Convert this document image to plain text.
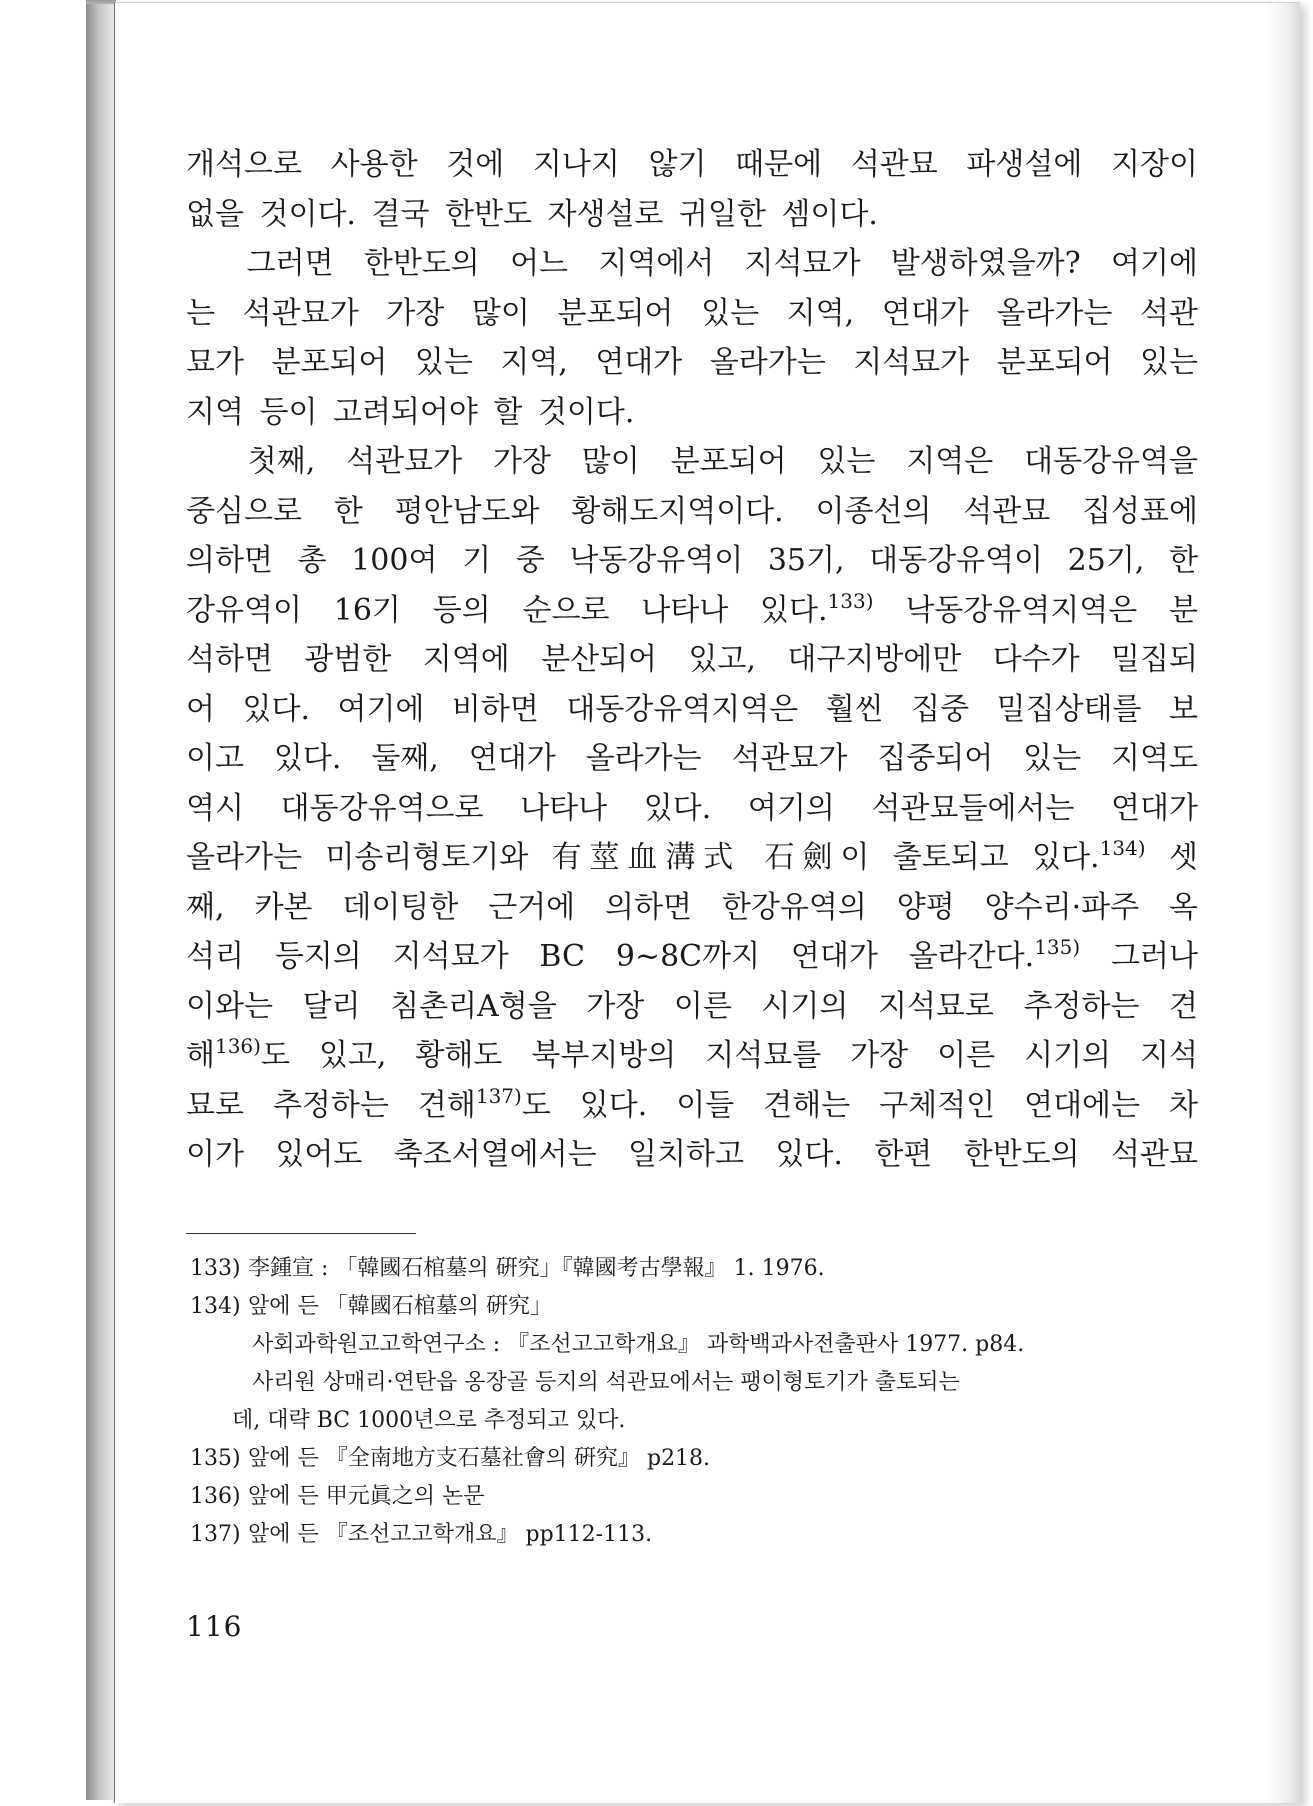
개석으로 사용한 것에 지나지 않기 때문에 석관묘 파생설에 지장이
없을 것이다. 결국 한반도 자생설로 귀일한 셈이다.
그러면 한반도의 어느 지역에서 지석묘가 발생하였을까? 여기에
는 석관묘가 가장 많이 분포되어 있는 지역, 연대가 올라가는 석관
묘가 분포되어 있는 지역, 연대가 올라가는 지석묘가 분포되어 있는
지역 등이 고려되어야 할 것이다.
첫째, 석관묘가 가장 많이 분포되어 있는 지역은 대동강유역을
중심으로 한 평안남도와 황해도지역이다. 이종선의 석관묘 집성표에
의하면 총 100여 기 중 낙동강유역이 35기, 대동강유역이 25기, 한
강유역이 16기 등의 순으로 나타나 있다.$^{133)}$ 낙동강유역지역은 분
석하면 광범한 지역에 분산되어 있고, 대구지방에만 다수가 밀집되
어 있다. 여기에 비하면 대동강유역지역은 훨씬 집중 밀집상태를 보
이고 있다. 둘째, 연대가 올라가는 석관묘가 집중되어 있는 지역도
역시 대동강유역으로 나타나 있다. 여기의 석관묘들에서는 연대가
올라가는 미송리형토기와 有莖血溝式 石劍이 출토되고 있다.$^{134)}$ 셋
째, 카본 데이팅한 근거에 의하면 한강유역의 양평 양수리·파주 옥
석리 등지의 지석묘가 BC 9~8C까지 연대가 올라간다.$^{135)}$ 그러나
이와는 달리 침촌리A형을 가장 이른 시기의 지석묘로 추정하는 견
해$^{136)}$도 있고, 황해도 북부지방의 지석묘를 가장 이른 시기의 지석
묘로 추정하는 견해$^{137)}$도 있다. 이들 견해는 구체적인 연대에는 차
이가 있어도 축조서열에서는 일치하고 있다. 한편 한반도의 석관묘
133) 李鍾宣 : 「韓國石棺墓의 硏究」『韓國考古學報』 1. 1976.
134) 앞에 든 「韓國石棺墓의 硏究」
사회과학원고고학연구소 : 『조선고고학개요』 과학백과사전출판사 1977. p84.
사리원 상매리·연탄읍 옹장골 등지의 석관묘에서는 팽이형토기가 출토되는
데, 대략 BC 1000년으로 추정되고 있다.
135) 앞에 든 『全南地方支石墓社會의 硏究』 p218.
136) 앞에 든 甲元眞之의 논문
137) 앞에 든 『조선고고학개요』 pp112-113.
116
